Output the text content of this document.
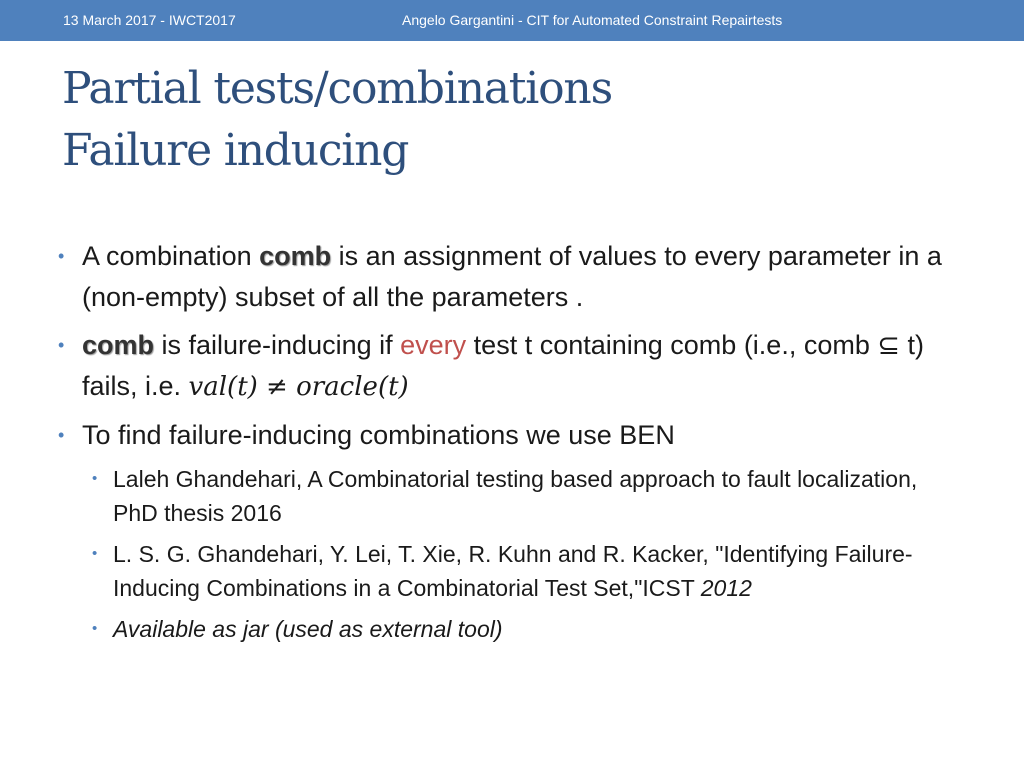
13 March 2017 - IWCT2017	Angelo Gargantini - CIT for Automated Constraint Repairtests
Partial tests/combinations
Failure inducing
• A combination comb is an assignment of values to every parameter in a (non-empty) subset of all the parameters .
• comb is failure-inducing if every test t containing comb (i.e., comb ⊆ t) fails, i.e. val(t) ≠ oracle(t)
• To find failure-inducing combinations we use BEN
• Laleh Ghandehari, A Combinatorial testing based approach to fault localization, PhD thesis 2016
• L. S. G. Ghandehari, Y. Lei, T. Xie, R. Kuhn and R. Kacker, "Identifying Failure-Inducing Combinations in a Combinatorial Test Set,"ICST 2012
• Available as jar (used as external tool)
